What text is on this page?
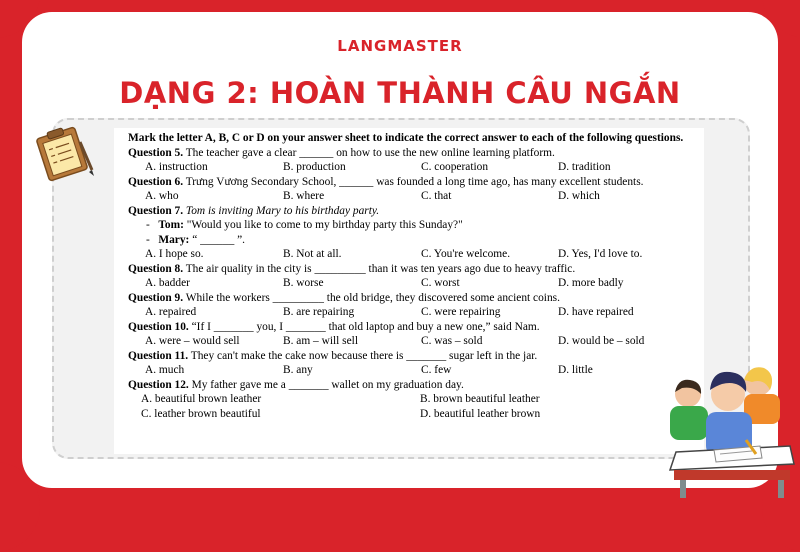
LANGMASTER
DẠNG 2: HOÀN THÀNH CÂU NGẮN

Mark the letter A, B, C or D on your answer sheet to indicate the correct answer to each of the following questions.

Question 5. The teacher gave a clear ______ on how to use the new online learning platform.

A. instruction	B. production	C. cooperation	D. tradition

Question 6. Trưng Vương Secondary School, ______ was founded a long time ago, has many excellent students.

A. who	B. where	C. that	D. which

Question 7. Tom is inviting Mary to his birthday party.

- Tom: "Would you like to come to my birthday party this Sunday?"

- Mary: “ ______ ”.

A. I hope so.	B. Not at all.	C. You're welcome.	D. Yes, I'd love to.

Question 8. The air quality in the city is _________ than it was ten years ago due to heavy traffic.

A. badder	B. worse	C. worst	D. more badly

Question 9. While the workers _________ the old bridge, they discovered some ancient coins.

A. repaired	B. are repairing	C. were repairing	D. have repaired

Question 10. “If I _______ you, I _______ that old laptop and buy a new one,” said Nam.

A. were – would sell	B. am – will sell	C. was – sold	D. would be – sold

Question 11. They can't make the cake now because there is _______ sugar left in the jar.

A. much	B. any	C. few	D. little

Question 12. My father gave me a _______ wallet on my graduation day.

A. beautiful brown leather	B. brown beautiful leather
C. leather brown beautiful	D. beautiful leather brown
